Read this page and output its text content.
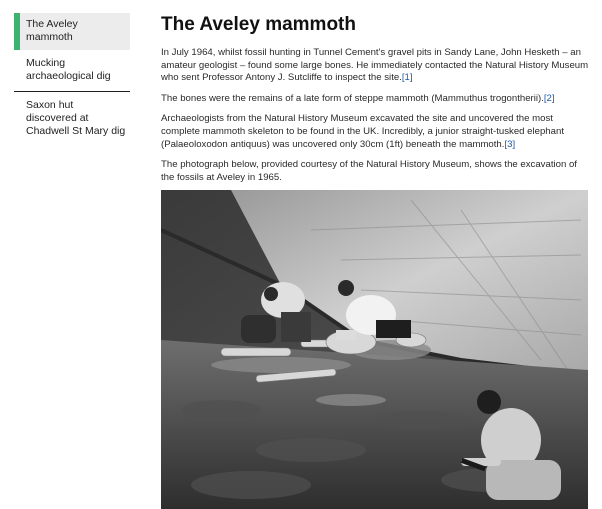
The Aveley mammoth
Mucking archaeological dig
Saxon hut discovered at Chadwell St Mary dig
The Aveley mammoth

In July 1964, whilst fossil hunting in Tunnel Cement's gravel pits in Sandy Lane, John Hesketh – an amateur geologist – found some large bones. He immediately contacted the Natural History Museum who sent Professor Antony J. Sutcliffe to inspect the site.[1]

The bones were the remains of a late form of steppe mammoth (Mammuthus trogontherii).[2]

Archaeologists from the Natural History Museum excavated the site and uncovered the most complete mammoth skeleton to be found in the UK. Incredibly, a junior straight-tusked elephant (Palaeoloxodon antiquus) was uncovered only 30cm (1ft) beneath the mammoth.[3]

The photograph below, provided courtesy of the Natural History Museum, shows the excavation of the fossils at Aveley in 1965.
